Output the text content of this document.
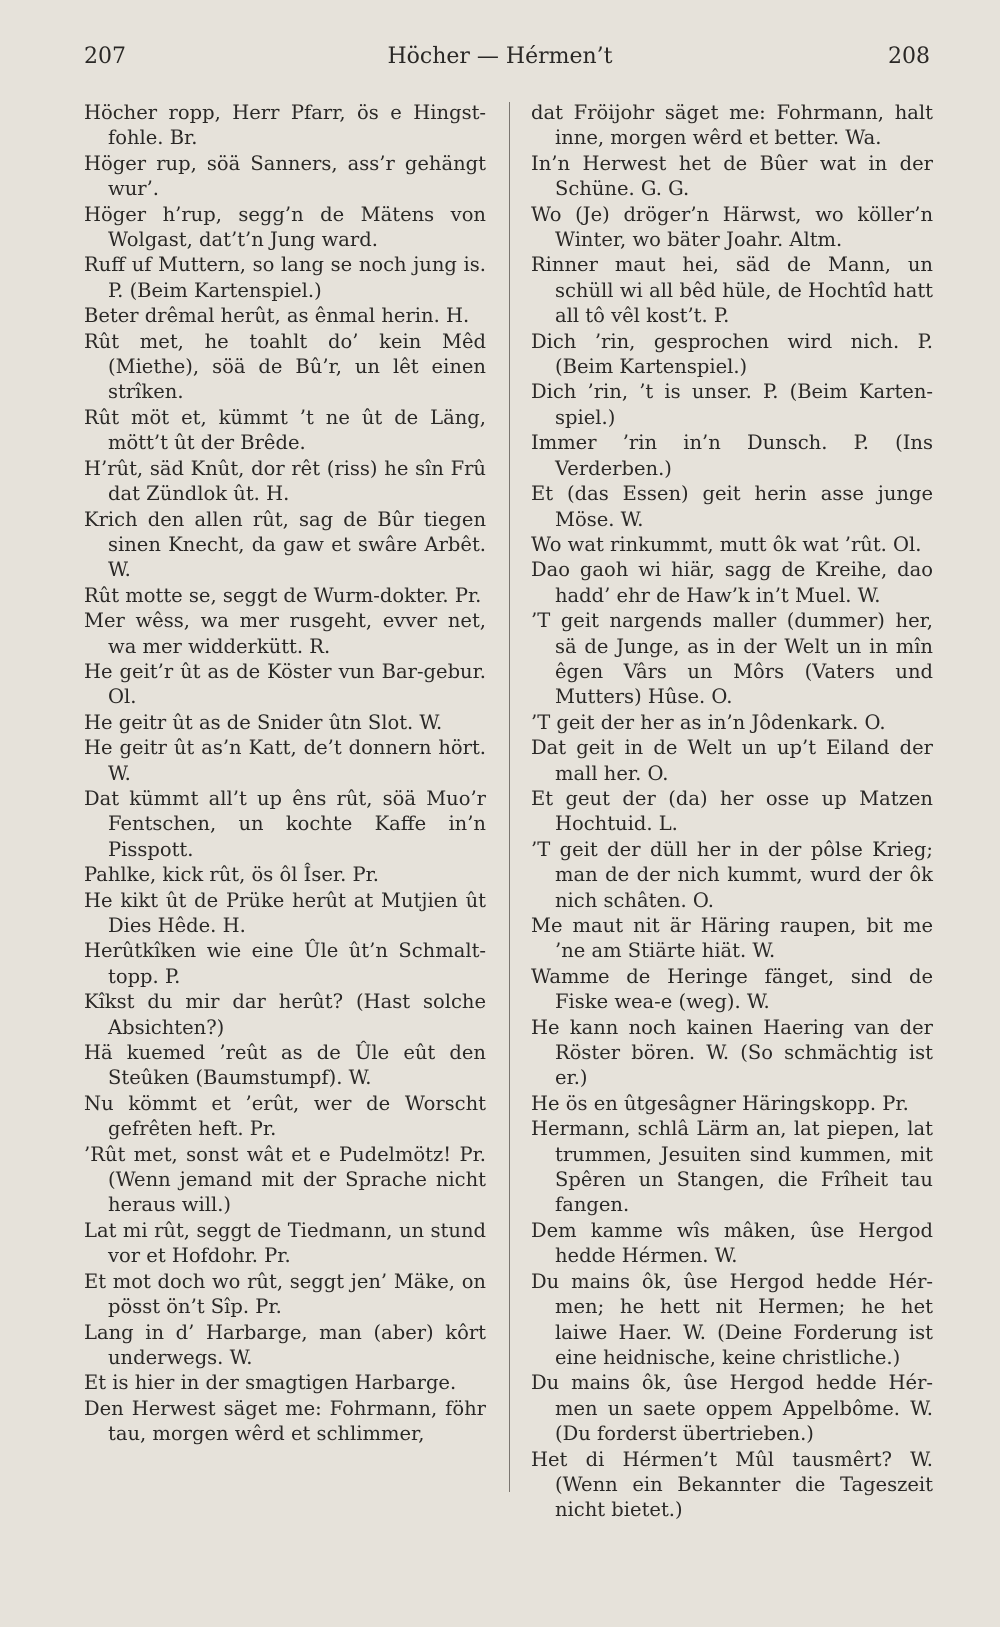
207	Höcher — Hérmen’t	208

Höcher ropp, Herr Pfarr, ös e Hingst-fohle. Br.

Höger rup, söä Sanners, ass’r gehängt wur’.

Höger h’rup, segg’n de Mätens von Wolgast, dat’t’n Jung ward.

Ruff uf Muttern, so lang se noch jung is. P. (Beim Kartenspiel.)

Beter drêmal herût, as ênmal herin. H.

Rût met, he toahlt do’ kein Mêd (Miethe), söä de Bû’r, un lêt einen strîken.

Rût möt et, kümmt ’t ne ût de Läng, mött’t ût der Brêde.

H’rût, säd Knût, dor rêt (riss) he sîn Frû dat Zündlok ût. H.

Krich den allen rût, sag de Bûr tiegen sinen Knecht, da gaw et swâre Arbêt. W.

Rût motte se, seggt de Wurm-dokter. Pr.

Mer wêss, wa mer rusgeht, evver net, wa mer widderkütt. R.

He geit’r ût as de Köster vun Bar-gebur. Ol.

He geitr ût as de Snider ûtn Slot. W.

He geitr ût as’n Katt, de’t donnern hört. W.

Dat kümmt all’t up êns rût, söä Muo’r Fentschen, un kochte Kaffe in’n Pisspott.

Pahlke, kick rût, ös ôl Îser. Pr.

He kikt ût de Prüke herût at Mutjien ût Dies Hêde. H.

Herûtkîken wie eine Ûle ût’n Schmalt-topp. P.

Kîkst du mir dar herût? (Hast solche Absichten?)

Hä kuemed ’reût as de Ûle eût den Steûken (Baumstumpf). W.

Nu kömmt et ’erût, wer de Worscht gefrêten heft. Pr.

’Rût met, sonst wât et e Pudelmötz! Pr. (Wenn jemand mit der Sprache nicht heraus will.)

Lat mi rût, seggt de Tiedmann, un stund vor et Hofdohr. Pr.

Et mot doch wo rût, seggt jen’ Mäke, on pösst ön’t Sîp. Pr.

Lang in d’ Harbarge, man (aber) kôrt underwegs. W.

Et is hier in der smagtigen Harbarge.

Den Herwest säget me: Fohrmann, föhr tau, morgen wêrd et schlimmer,

dat Fröijohr säget me: Fohrmann, halt inne, morgen wêrd et better. Wa.

In’n Herwest het de Bûer wat in der Schüne. G. G.

Wo (Je) dröger’n Härwst, wo köller’n Winter, wo bäter Joahr. Altm.

Rinner maut hei, säd de Mann, un schüll wi all bêd hüle, de Hochtîd hatt all tô vêl kost’t. P.

Dich ’rin, gesprochen wird nich. P. (Beim Kartenspiel.)

Dich ’rin, ’t is unser. P. (Beim Karten-spiel.)

Immer ’rin in’n Dunsch. P. (Ins Verderben.)

Et (das Essen) geit herin asse junge Möse. W.

Wo wat rinkummt, mutt ôk wat ’rût. Ol.

Dao gaoh wi hiär, sagg de Kreihe, dao hadd’ ehr de Haw’k in’t Muel. W.

’T geit nargends maller (dummer) her, sä de Junge, as in der Welt un in mîn êgen Vârs un Môrs (Vaters und Mutters) Hûse. O.

’T geit der her as in’n Jôdenkark. O.

Dat geit in de Welt un up’t Eiland der mall her. O.

Et geut der (da) her osse up Matzen Hochtuid. L.

’T geit der düll her in der pôlse Krieg; man de der nich kummt, wurd der ôk nich schâten. O.

Me maut nit är Häring raupen, bit me ’ne am Stiärte hiät. W.

Wamme de Heringe fänget, sind de Fiske wea-e (weg). W.

He kann noch kainen Haering van der Röster bören. W. (So schmächtig ist er.)

He ös en ûtgesâgner Häringskopp. Pr.

Hermann, schlâ Lärm an, lat piepen, lat trummen, Jesuiten sind kummen, mit Spêren un Stangen, die Frîheit tau fangen.

Dem kamme wîs mâken, ûse Hergod hedde Hérmen. W.

Du mains ôk, ûse Hergod hedde Hér-men; he hett nit Hermen; he het laiwe Haer. W. (Deine Forderung ist eine heidnische, keine christliche.)

Du mains ôk, ûse Hergod hedde Hér-men un saete oppem Appelbôme. W. (Du forderst übertrieben.)

Het di Hérmen’t Mûl tausmêrt? W. (Wenn ein Bekannter die Tageszeit nicht bietet.)
